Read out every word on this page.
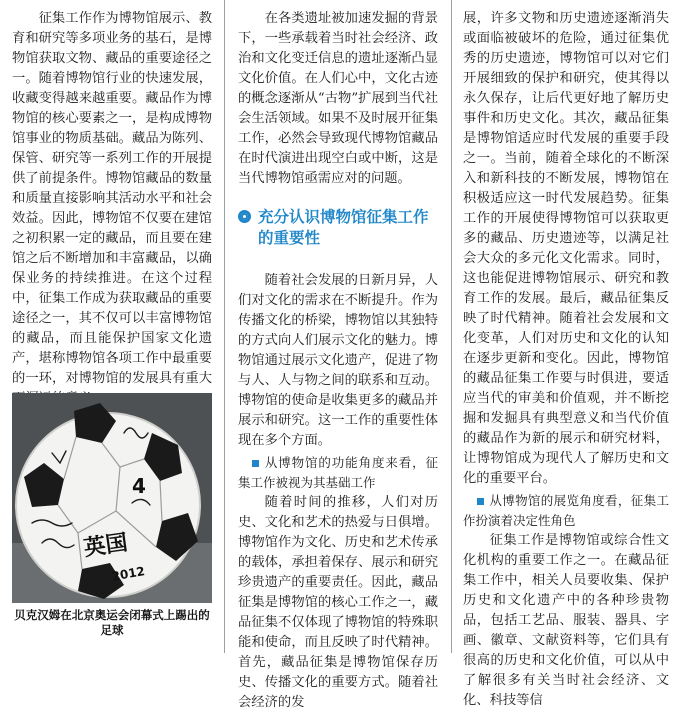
征集工作作为博物馆展示、教育和研究等多项业务的基石，是博物馆获取文物、藏品的重要途径之一。随着博物馆行业的快速发展，收藏变得越来越重要。藏品作为博物馆的核心要素之一，是构成博物馆事业的物质基础。藏品为陈列、保管、研究等一系列工作的开展提供了前提条件。博物馆藏品的数量和质量直接影响其活动水平和社会效益。因此，博物馆不仅要在建馆之初积累一定的藏品，而且要在建馆之后不断增加和丰富藏品，以确保业务的持续推进。在这个过程中，征集工作成为获取藏品的重要途径之一，其不仅可以丰富博物馆的藏品，而且能保护国家文化遗产，堪称博物馆各项工作中最重要的一环，对博物馆的发展具有重大

4
英国
2012
贝克汉姆在北京奥运会闭幕式上踢出的足球

在各类遗址被加速发掘的背景下，一些承载着当时社会经济、政治和文化变迁信息的遗址逐渐凸显文化价值。在人们心中，文化古迹的概念逐渐从“古物”扩展到当代社会生活领域。如果不及时展开征集工作，必然会导致现代博物馆藏品在时代演进出现空白或中断，这是当代博物馆亟需应对的问题。

充分认识博物馆征集工作的重要性

随着社会发展的日新月异，人们对文化的需求在不断提升。作为传播文化的桥梁，博物馆以其独特的方式向人们展示文化的魅力。博物馆通过展示文化遗产，促进了物与人、人与物之间的联系和互动。博物馆的使命是收集更多的藏品并展示和研究。这一工作的重要性体现在多个方面。

从博物馆的功能角度来看，征集工作被视为其基础工作

随着时间的推移，人们对历史、文化和艺术的热爱与日俱增。博物馆作为文化、历史和艺术传承的载体，承担着保存、展示和研究珍贵遗产的重要责任。因此，藏品征集是博物馆的核心工作之一，藏品征集不仅体现了博物馆的特殊职能和使命，而且反映了时代精神。首先，藏品征集是博物馆保存历史、传播文化的重要方式。随着社会经济的发

展，许多文物和历史遗迹逐渐消失或面临被破坏的危险，通过征集优秀的历史遗迹，博物馆可以对它们开展细致的保护和研究，使其得以永久保存，让后代更好地了解历史事件和历史文化。其次，藏品征集是博物馆适应时代发展的重要手段之一。当前，随着全球化的不断深入和新科技的不断发展，博物馆在积极适应这一时代发展趋势。征集工作的开展使得博物馆可以获取更多的藏品、历史遗迹等，以满足社会大众的多元化文化需求。同时，这也能促进博物馆展示、研究和教育工作的发展。最后，藏品征集反映了时代精神。随着社会发展和文化变革，人们对历史和文化的认知在逐步更新和变化。因此，博物馆的藏品征集工作要与时俱进，要适应当代的审美和价值观，并不断挖掘和发掘具有典型意义和当代价值的藏品作为新的展示和研究材料，让博物馆成为现代人了解历史和文化的重要平台。

从博物馆的展览角度看，征集工作扮演着决定性角色

征集工作是博物馆或综合性文化机构的重要工作之一。在藏品征集工作中，相关人员要收集、保护历史和文化遗产中的各种珍贵物品，包括工艺品、服装、器具、字画、徽章、文献资料等，它们具有很高的历史和文化价值，可以从中了解很多有关当时社会经济、文化、科技等信
